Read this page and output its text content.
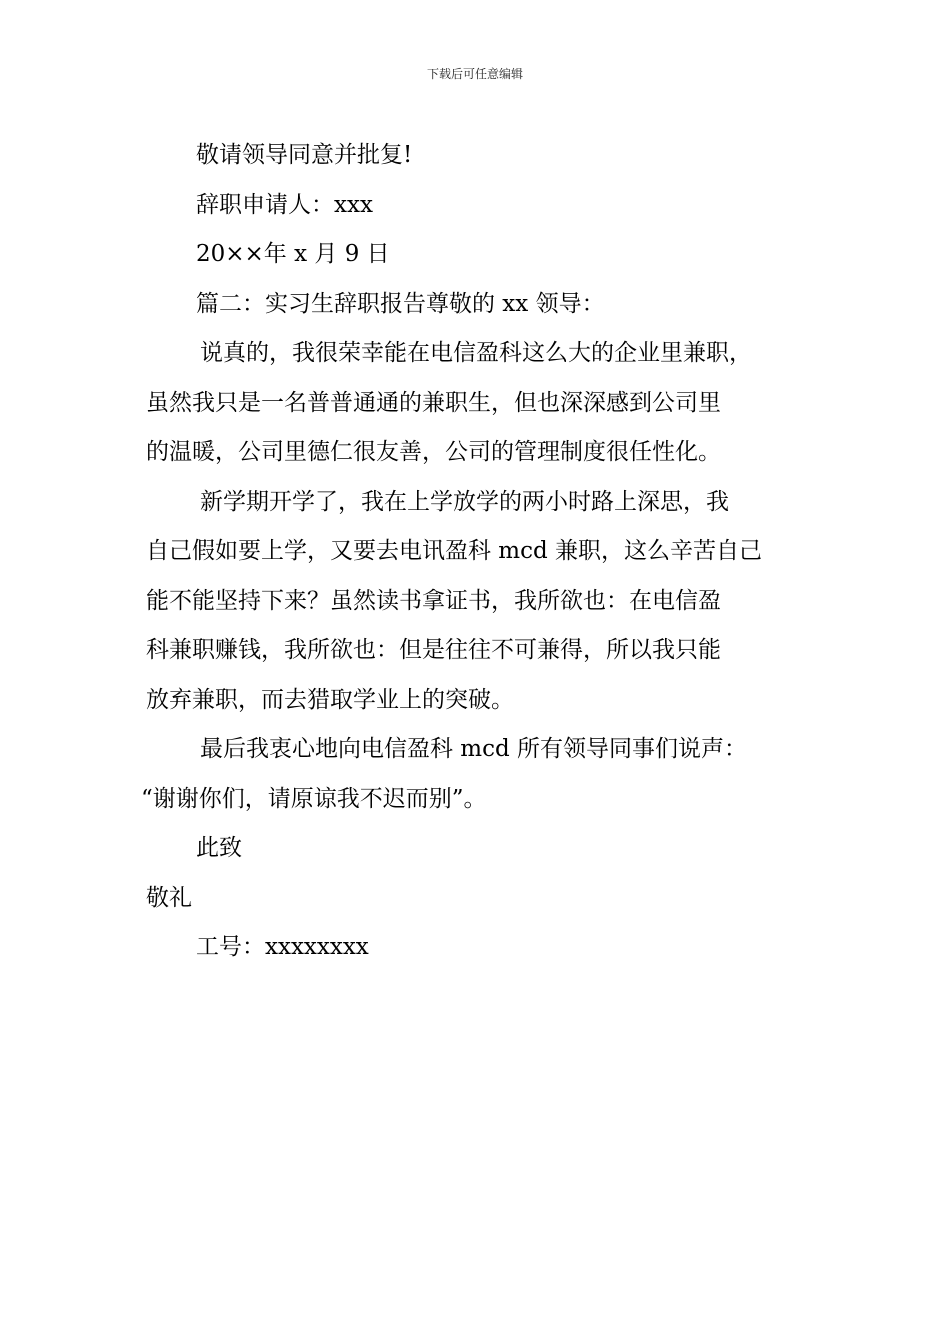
下载后可任意编辑
敬请领导同意并批复!
辞职申请人：xxx
20××年 x 月 9 日
篇二：实习生辞职报告尊敬的 xx 领导：
说真的，我很荣幸能在电信盈科这么大的企业里兼职，
虽然我只是一名普普通通的兼职生，但也深深感到公司里
的温暖，公司里德仁很友善，公司的管理制度很任性化。
新学期开学了，我在上学放学的两小时路上深思，我
自己假如要上学，又要去电讯盈科 mcd 兼职，这么辛苦自己
能不能坚持下来？虽然读书拿证书，我所欲也：在电信盈
科兼职赚钱，我所欲也：但是往往不可兼得，所以我只能
放弃兼职，而去猎取学业上的突破。
最后我衷心地向电信盈科 mcd 所有领导同事们说声：
“谢谢你们，请原谅我不迟而别”。
此致
敬礼
工号：xxxxxxxx
